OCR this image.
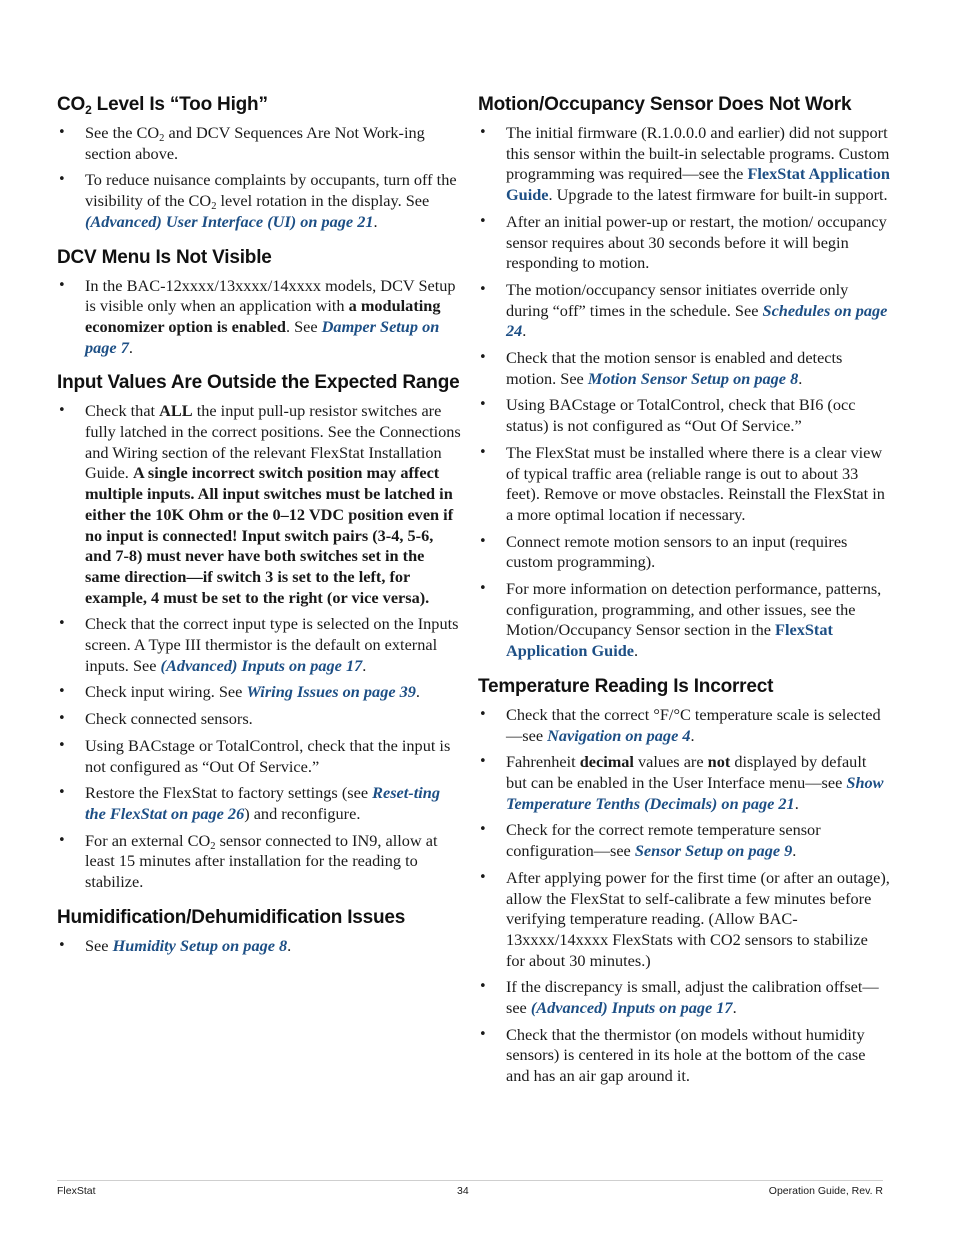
$CO_2$ Level Is “Too High”
• See the $CO_2$ and DCV Sequences Are Not Work-ing section above.
• To reduce nuisance complaints by occupants, turn off the visibility of the $CO_2$ level rotation in the display. See (Advanced) User Interface (UI) on page 21.
DCV Menu Is Not Visible
• In the BAC-12xxxx/13xxxx/14xxxx models, DCV Setup is visible only when an application with a modulating economizer option is enabled. See Damper Setup on page 7.
Input Values Are Outside the Expected Range
• Check that ALL the input pull-up resistor switches are fully latched in the correct positions. See the Connections and Wiring section of the relevant FlexStat Installation Guide. A single incorrect switch position may affect multiple inputs. All input switches must be latched in either the 10K Ohm or the 0–12 VDC position even if no input is connected! Input switch pairs (3-4, 5-6, and 7-8) must never have both switches set in the same direction—if switch 3 is set to the left, for example, 4 must be set to the right (or vice versa).
• Check that the correct input type is selected on the Inputs screen. A Type III thermistor is the default on external inputs. See (Advanced) Inputs on page 17.
• Check input wiring. See Wiring Issues on page 39.
• Check connected sensors.
• Using BACstage or TotalControl, check that the input is not configured as “Out Of Service.”
• Restore the FlexStat to factory settings (see Reset-ting the FlexStat on page 26) and reconfigure.
• For an external $CO_2$ sensor connected to IN9, allow at least 15 minutes after installation for the reading to stabilize.
Humidification/Dehumidification Issues
• See Humidity Setup on page 8.
Motion/Occupancy Sensor Does Not Work
• The initial firmware (R.1.0.0.0 and earlier) did not support this sensor within the built-in selectable programs. Custom programming was required—see the FlexStat Application Guide. Upgrade to the latest firmware for built-in support.
• After an initial power-up or restart, the motion/ occupancy sensor requires about 30 seconds before it will begin responding to motion.
• The motion/occupancy sensor initiates override only during “off” times in the schedule. See Schedules on page 24.
• Check that the motion sensor is enabled and detects motion. See Motion Sensor Setup on page 8.
• Using BACstage or TotalControl, check that BI6 (occ status) is not configured as “Out Of Service.”
• The FlexStat must be installed where there is a clear view of typical traffic area (reliable range is out to about 33 feet). Remove or move obstacles. Reinstall the FlexStat in a more optimal location if necessary.
• Connect remote motion sensors to an input (requires custom programming).
• For more information on detection performance, patterns, configuration, programming, and other issues, see the Motion/Occupancy Sensor section in the FlexStat Application Guide.
Temperature Reading Is Incorrect
• Check that the correct °F/°C temperature scale is selected—see Navigation on page 4.
• Fahrenheit decimal values are not displayed by default but can be enabled in the User Interface menu—see Show Temperature Tenths (Decimals) on page 21.
• Check for the correct remote temperature sensor configuration—see Sensor Setup on page 9.
• After applying power for the first time (or after an outage), allow the FlexStat to self-calibrate a few minutes before verifying temperature reading. (Allow BAC-13xxxx/14xxxx FlexStats with CO2 sensors to stabilize for about 30 minutes.)
• If the discrepancy is small, adjust the calibration offset—see (Advanced) Inputs on page 17.
• Check that the thermistor (on models without humidity sensors) is centered in its hole at the bottom of the case and has an air gap around it.
FlexStat	34	Operation Guide, Rev. R
